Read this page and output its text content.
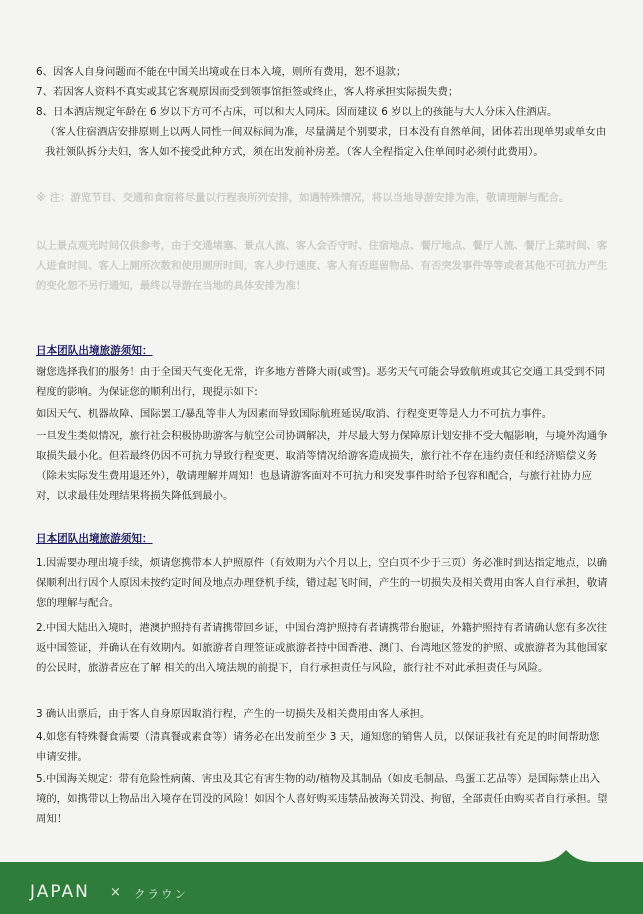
6、因客人自身问题而不能在中国关出境或在日本入境，则所有费用，恕不退款；

7、若因客人资料不真实或其它客观原因而受到领事馆拒签或终止，客人将承担实际损失费；

8、日本酒店规定年龄在 6 岁以下方可不占床，可以和大人同床。因而建议 6 岁以上的孩能与大人分床入住酒店。

（客人住宿酒店安排原则上以两人同性一间双标间为准，尽量满足个别要求，日本没有自然单间，团体若出现单男或单女由我社领队拆分夫妇，客人如不接受此种方式，须在出发前补房差。（客人全程指定入住单间时必须付此费用）。

※ 注：游览节目、交通和食宿将尽量以行程表所列安排，如遇特殊情况，将以当地导游安排为准，敬请理解与配合。

以上景点观光时间仅供参考，由于交通堵塞、景点人流、客人会否守时、住宿地点、餐厅地点、餐厅人流、餐厅上菜时间、客人进食时间、客人上厕所次数和使用厕所时间，客人步行速度、客人有否逛留物品、有否突发事件等等或者其他不可抗力产生的变化恕不另行通知，最终以导游在当地的具体安排为准！

日本团队出境旅游须知：

谢您选择我们的服务！由于全国天气变化无常，许多地方普降大雨(或雪)。恶劣天气可能会导致航班或其它交通工具受到不同程度的影响。为保证您的顺利出行，现提示如下:

如因天气、机器故障、国际罢工/暴乱等非人为因素而导致国际航班延误/取消、行程变更等是人力不可抗力事件。

一旦发生类似情况，旅行社会积极协助游客与航空公司协调解决，并尽最大努力保障原计划安排不受大幅影响，与境外沟通争取损失最小化。但若最终仍因不可抗力导致行程变更、取消等情况给游客造成损失，旅行社不存在违约责任和经济赔偿义务（除未实际发生费用退还外），敬请理解并周知！也恳请游客面对不可抗力和突发事件时给予包容和配合，与旅行社协力应对，以求最佳处理结果将损失降低到最小。

日本团队出境旅游须知：

1.因需要办理出境手续，烦请您携带本人护照原件（有效期为六个月以上，空白页不少于三页）务必准时到达指定地点，以确保顺利出行因个人原因未按约定时间及地点办理登机手续，错过起飞时间，产生的一切损失及相关费用由客人自行承担，敬请您的理解与配合。

2.中国大陆出入境时，港澳护照持有者请携带回乡证，中国台湾护照持有者请携带台胞证，外籍护照持有者请确认您有多次往返中国签证，并确认在有效期内。如旅游者自理签证或旅游者持中国香港、澳门、台湾地区签发的护照、或旅游者为其他国家的公民时，旅游者应在了解 相关的出入境法规的前提下，自行承担责任与风险，旅行社不对此承担责任与风险。

3 确认出票后，由于客人自身原因取消行程，产生的一切损失及相关费用由客人承担。

4.如您有特殊餐食需要（清真餐或素食等）请务必在出发前至少 3 天，通知您的销售人员，以保证我社有充足的时间帮助您申请安排。

5.中国海关规定：带有危险性病菌、害虫及其它有害生物的动/植物及其制品（如皮毛制品、鸟蛋工艺品等）是国际禁止出入境的，如携带以上物品出入境存在罚没的风险！如因个人喜好购买违禁品被海关罚没、拘留，全部责任由购买者自行承担。望周知！

JAPAN × クラウン
